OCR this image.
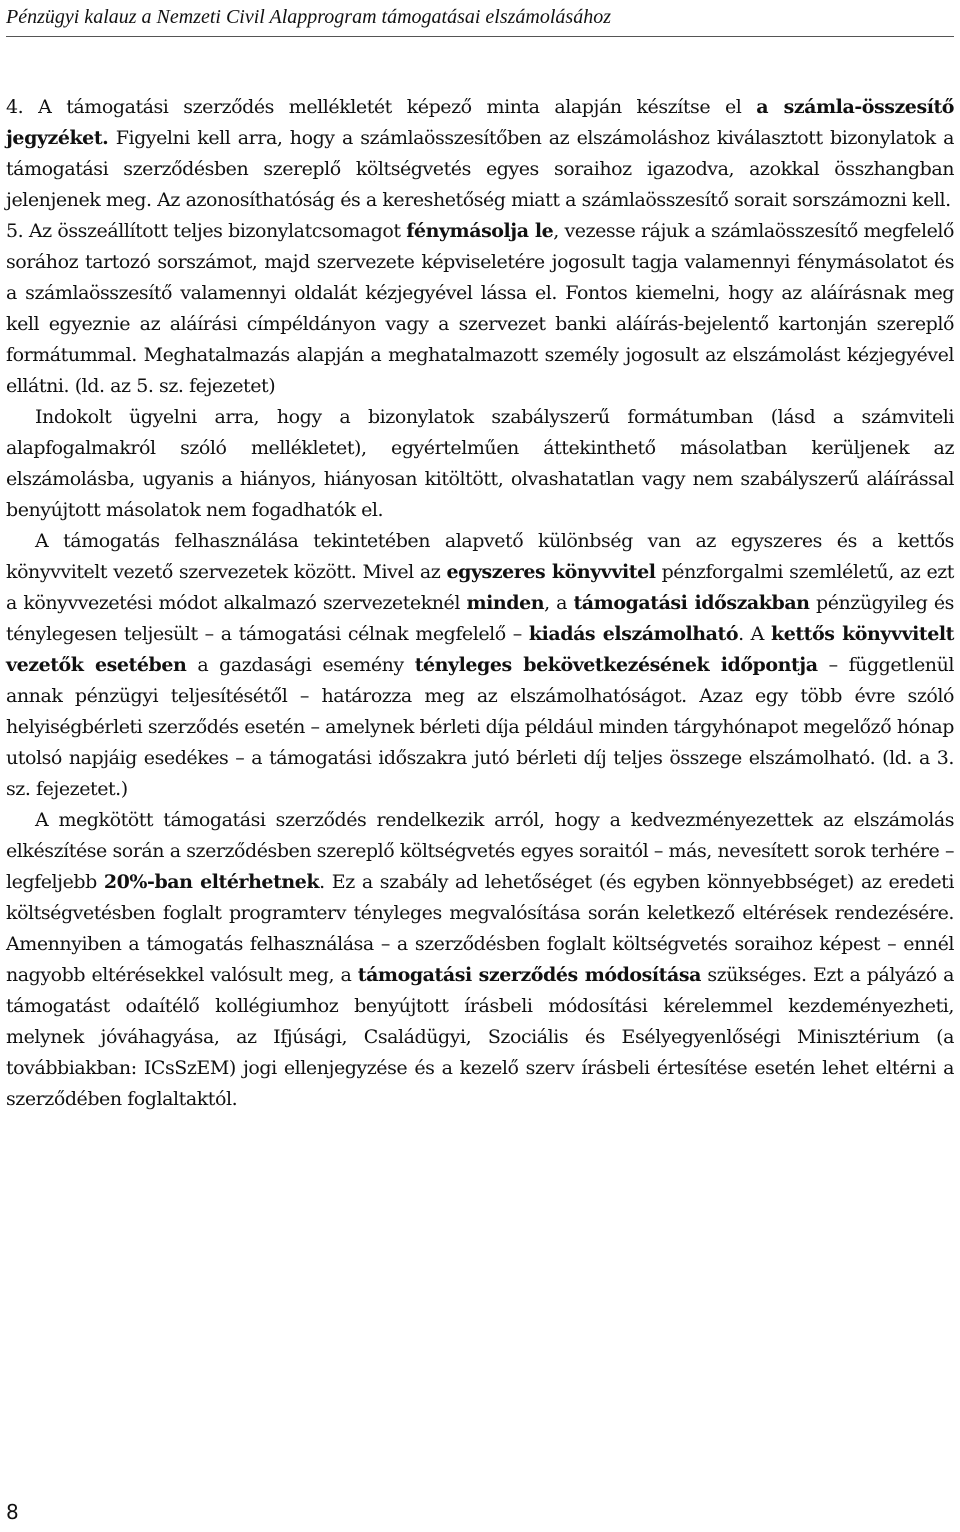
Pénzügyi kalauz a Nemzeti Civil Alapprogram támogatásai elszámolásához

4. A támogatási szerződés mellékletét képező minta alapján készítse el a számla-összesítő jegyzéket. Figyelni kell arra, hogy a számlaösszesítőben az elszámoláshoz kiválasztott bizonylatok a támogatási szerződésben szereplő költségvetés egyes soraihoz igazodva, azokkal összhangban jelenjenek meg. Az azonosíthatóság és a kereshetőség miatt a számlaösszesítő sorait sorszámozni kell.

5. Az összeállított teljes bizonylatcsomagot fénymásolja le, vezesse rájuk a számlaösszesítő megfelelő sorához tartozó sorszámot, majd szervezete képviseletére jogosult tagja valamennyi fénymásolatot és a számlaösszesítő valamennyi oldalát kézjegyével lássa el. Fontos kiemelni, hogy az aláírásnak meg kell egyeznie az aláírási címpéldányon vagy a szervezet banki aláírás-bejelentő kartonján szereplő formátummal. Meghatalmazás alapján a meghatalmazott személy jogosult az elszámolást kézjegyével ellátni. (ld. az 5. sz. fejezetet)

Indokolt ügyelni arra, hogy a bizonylatok szabályszerű formátumban (lásd a számviteli alapfogalmakról szóló mellékletet), egyértelműen áttekinthető másolatban kerüljenek az elszámolásba, ugyanis a hiányos, hiányosan kitöltött, olvashatatlan vagy nem szabályszerű aláírással benyújtott másolatok nem fogadhatók el.

A támogatás felhasználása tekintetében alapvető különbség van az egyszeres és a kettős könyvvitelt vezető szervezetek között. Mivel az egyszeres könyvvitel pénzforgalmi szemléletű, az ezt a könyvvezetési módot alkalmazó szervezeteknél minden, a támogatási időszakban pénzügyileg és ténylegesen teljesült – a támogatási célnak megfelelő – kiadás elszámolható. A kettős könyvvitelt vezetők esetében a gazdasági esemény tényleges bekövetkezésének időpontja – függetlenül annak pénzügyi teljesítésétől – határozza meg az elszámolhatóságot. Azaz egy több évre szóló helyiségbérleti szerződés esetén – amelynek bérleti díja például minden tárgyhónapot megelőző hónap utolsó napjáig esedékes – a támogatási időszakra jutó bérleti díj teljes összege elszámolható. (ld. a 3. sz. fejezetet.)

A megkötött támogatási szerződés rendelkezik arról, hogy a kedvezményezettek az elszámolás elkészítése során a szerződésben szereplő költségvetés egyes soraitól – más, nevesített sorok terhére – legfeljebb 20%-ban eltérhetnek. Ez a szabály ad lehetőséget (és egyben könnyebbséget) az eredeti költségvetésben foglalt programterv tényleges megvalósítása során keletkező eltérések rendezésére. Amennyiben a támogatás felhasználása – a szerződésben foglalt költségvetés soraihoz képest – ennél nagyobb eltérésekkel valósult meg, a támogatási szerződés módosítása szükséges. Ezt a pályázó a támogatást odaítélő kollégiumhoz benyújtott írásbeli módosítási kérelemmel kezdeményezheti, melynek jóváhagyása, az Ifjúsági, Családügyi, Szociális és Esélyegyenlőségi Minisztérium (a továbbiakban: ICsSzEM) jogi ellenjegyzése és a kezelő szerv írásbeli értesítése esetén lehet eltérni a szerződében foglaltaktól.

8
